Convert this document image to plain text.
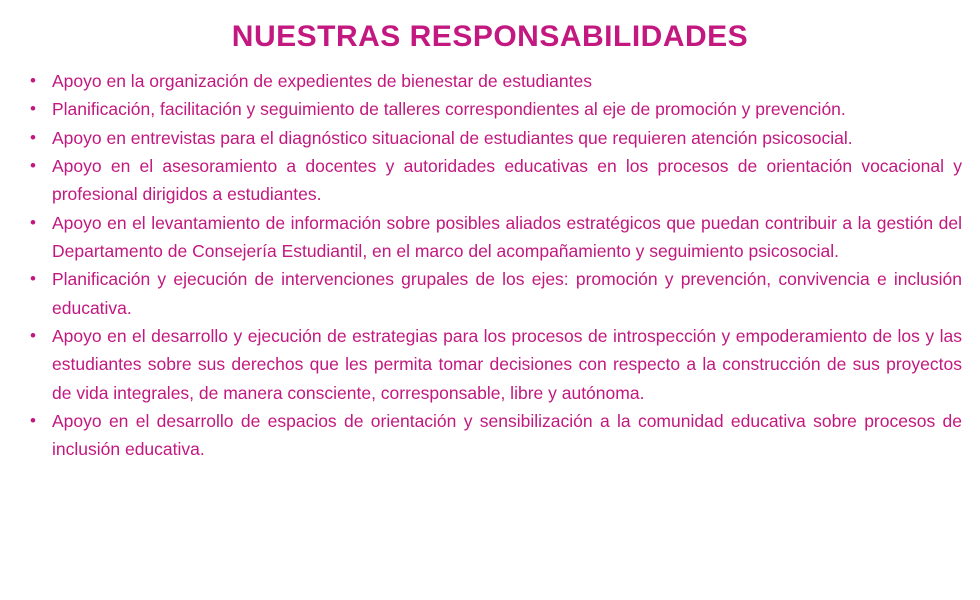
NUESTRAS RESPONSABILIDADES
• Apoyo en la organización de expedientes de bienestar de estudiantes
• Planificación, facilitación y seguimiento de talleres correspondientes al eje de promoción y prevención.
• Apoyo en entrevistas para el diagnóstico situacional de estudiantes que requieren atención psicosocial.
• Apoyo en el asesoramiento a docentes y autoridades educativas en los procesos de orientación vocacional y profesional dirigidos a estudiantes.
• Apoyo en el levantamiento de información sobre posibles aliados estratégicos que puedan contribuir a la gestión del Departamento de Consejería Estudiantil, en el marco del acompañamiento y seguimiento psicosocial.
• Planificación y ejecución de intervenciones grupales de los ejes: promoción y prevención, convivencia e inclusión educativa.
• Apoyo en el desarrollo y ejecución de estrategias para los procesos de introspección y empoderamiento de los y las estudiantes sobre sus derechos que les permita tomar decisiones con respecto a la construcción de sus proyectos de vida integrales, de manera consciente, corresponsable, libre y autónoma.
• Apoyo en el desarrollo de espacios de orientación y sensibilización a la comunidad educativa sobre procesos de inclusión educativa.
